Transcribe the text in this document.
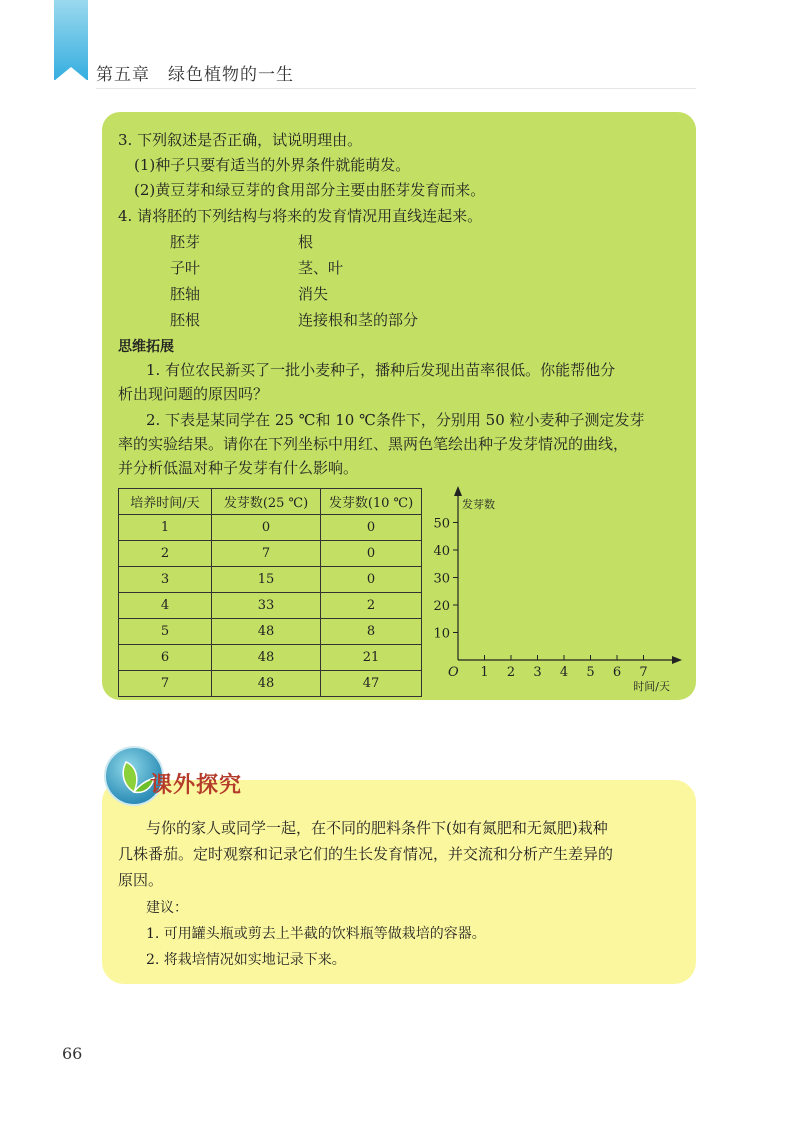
第五章　绿色植物的一生
3. 下列叙述是否正确，试说明理由。
(1)种子只要有适当的外界条件就能萌发。
(2)黄豆芽和绿豆芽的食用部分主要由胚芽发育而来。
4. 请将胚的下列结构与将来的发育情况用直线连起来。
胚芽	根
子叶	茎、叶
胚轴	消失
胚根	连接根和茎的部分
思维拓展
1. 有位农民新买了一批小麦种子，播种后发现出苗率很低。你能帮他分
析出现问题的原因吗？
2. 下表是某同学在 25 ℃和 10 ℃条件下，分别用 50 粒小麦种子测定发芽
率的实验结果。请你在下列坐标中用红、黑两色笔绘出种子发芽情况的曲线，
并分析低温对种子发芽有什么影响。
培养时间/天	发芽数(25 ℃)	发芽数(10 ℃)
1	0	0
2	7	0
3	15	0
4	33	2
5	48	8
6	48	21
7	48	47
O
10
20
30
40
50
1 2 3 4 5 6 7
发芽数
时间/天
课外探究
与你的家人或同学一起，在不同的肥料条件下(如有氮肥和无氮肥)栽种
几株番茄。定时观察和记录它们的生长发育情况，并交流和分析产生差异的
原因。
建议：
1. 可用罐头瓶或剪去上半截的饮料瓶等做栽培的容器。
2. 将栽培情况如实地记录下来。
66
